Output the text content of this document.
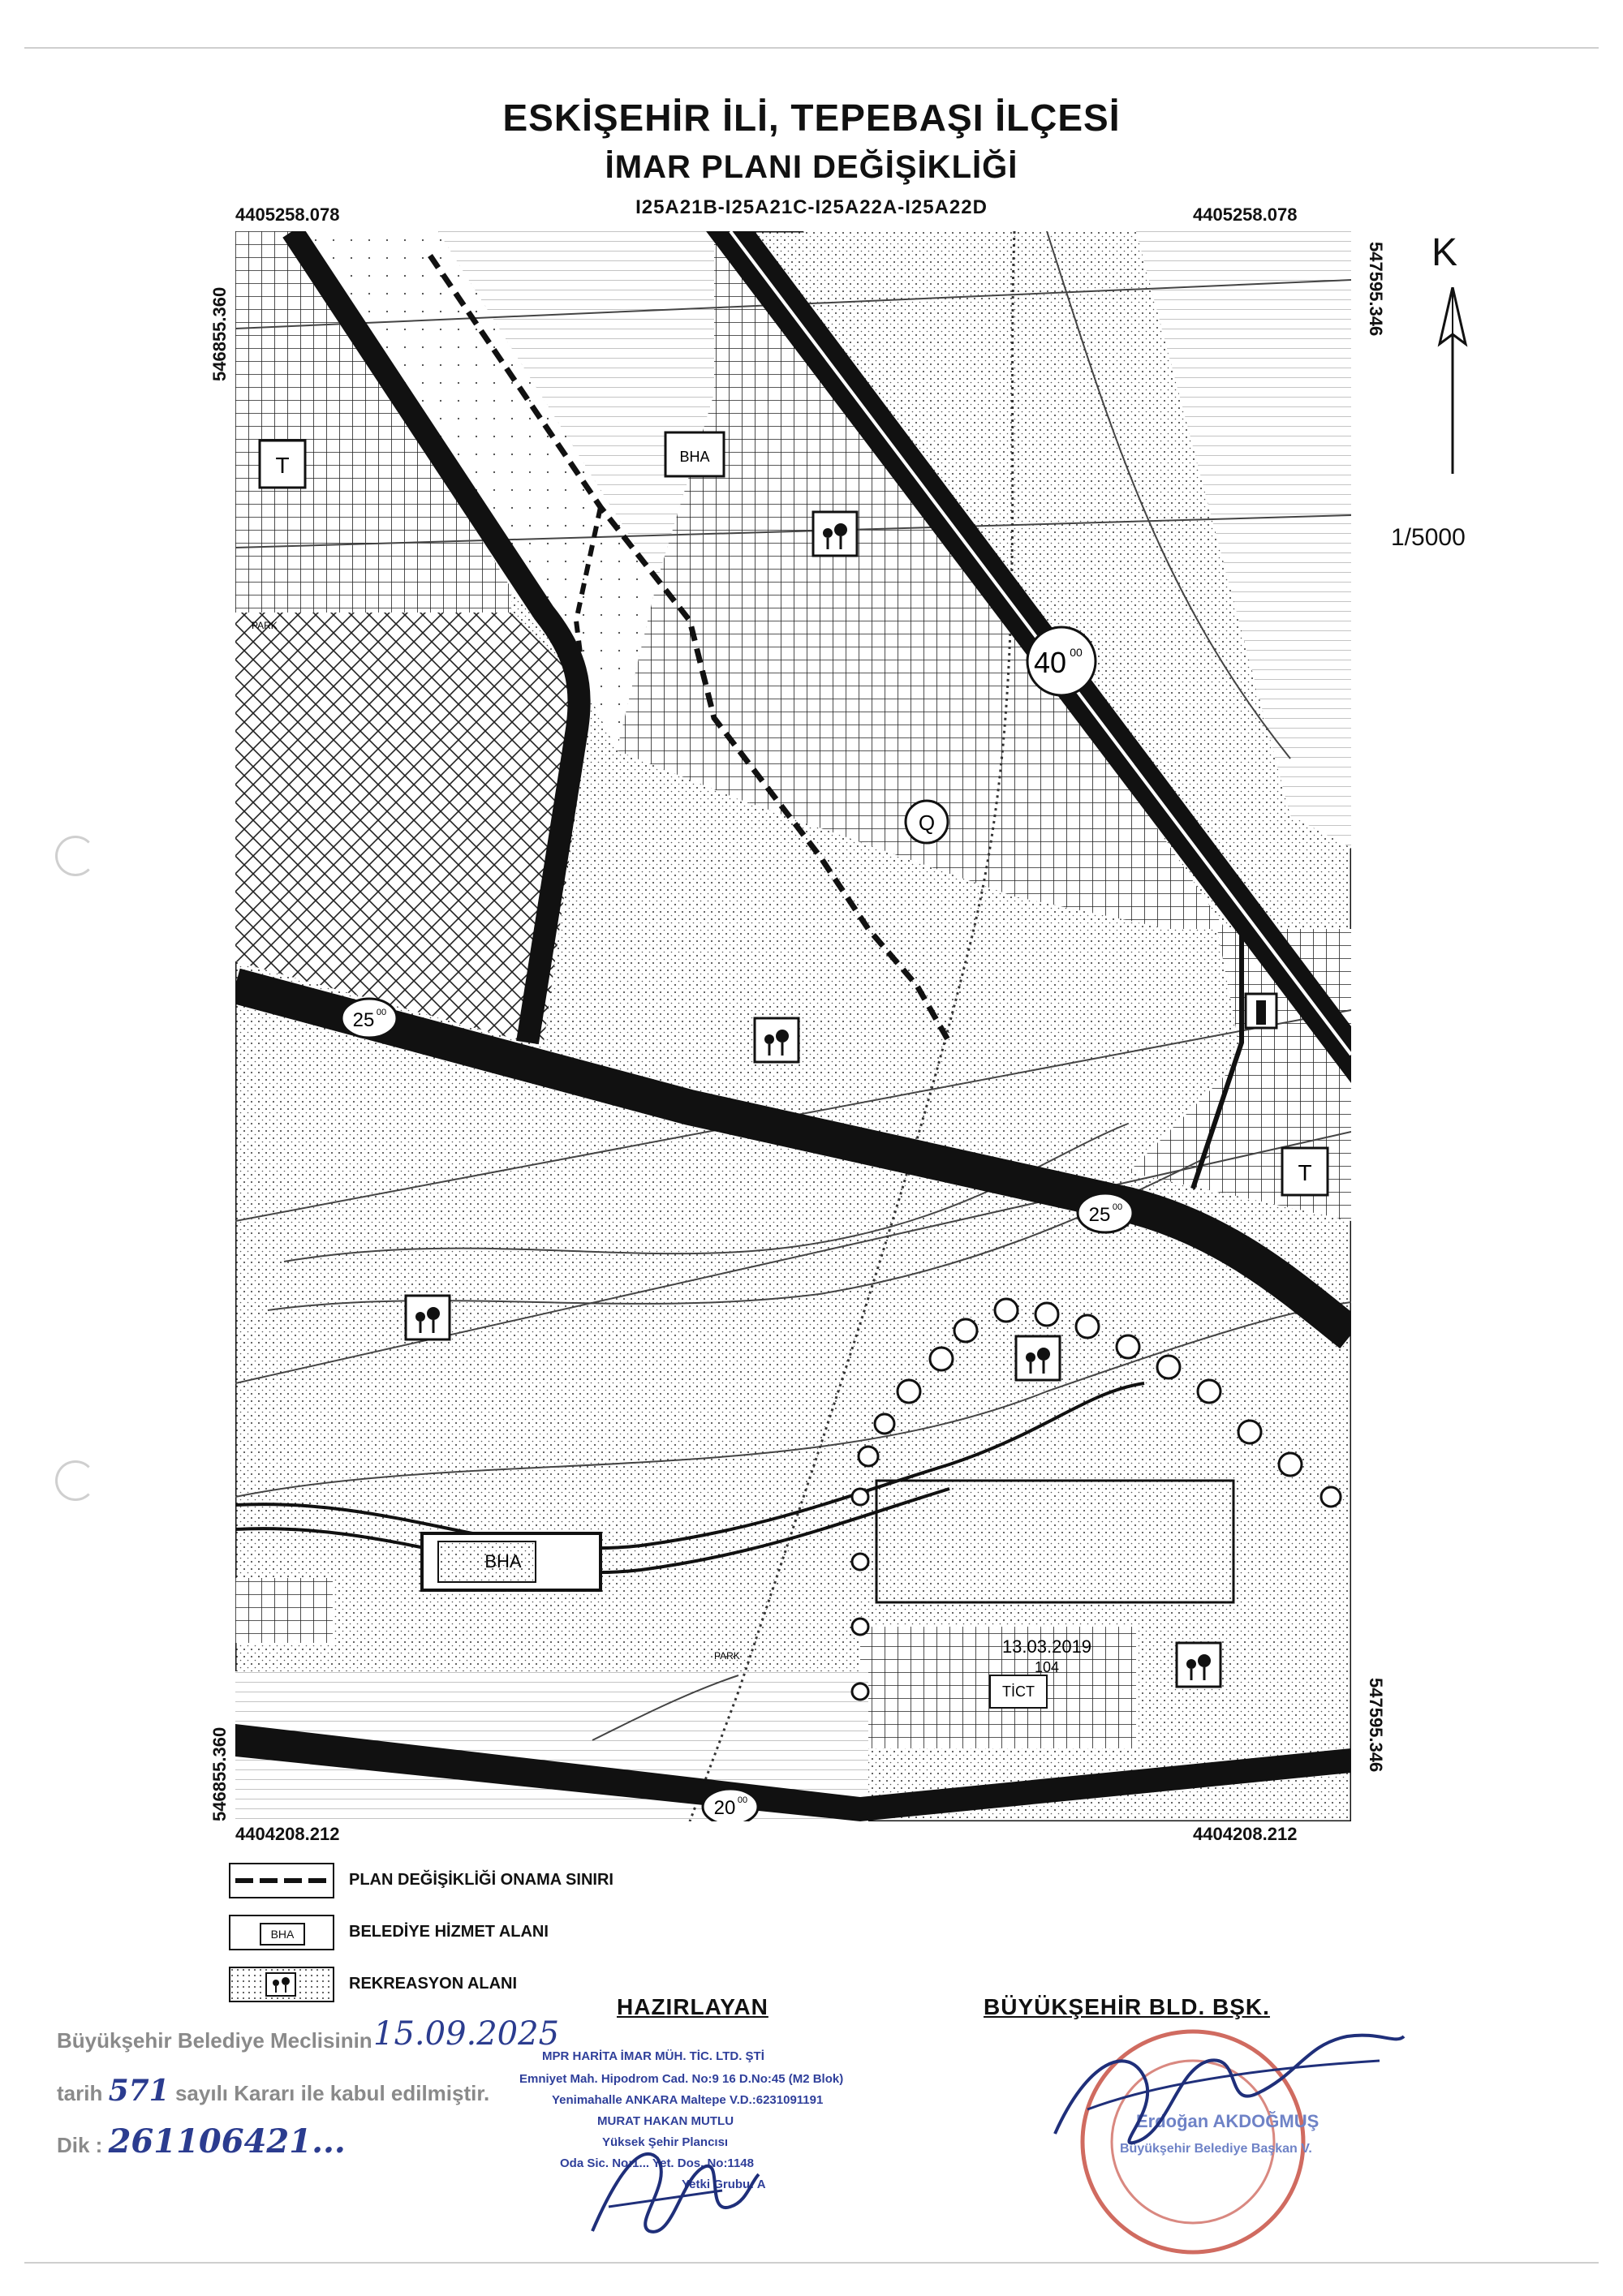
ESKİŞEHİR İLİ, TEPEBAŞI İLÇESİ
İMAR PLANI DEĞİŞİKLİĞİ
I25A21B-I25A21C-I25A22A-I25A22D
4405258.078	4405258.078
4404208.212	4404208.212
546855.360
546855.360
547595.346
547595.346
K
1/5000
BHA
BHA
T
T
PARK
PARK
Q
40 00
25 00
25 00
20 00
TİCT
13.03.2019
104
PLAN DEĞİŞİKLİĞİ ONAMA SINIRI
BHA	BELEDİYE HİZMET ALANI
REKREASYON ALANI
HAZIRLAYAN	BÜYÜKŞEHİR BLD. BŞK.
Büyükşehir Belediye Meclisinin 15.09.2025
tarih 571 sayılı Kararı ile kabul edilmiştir.
Dik : 261106421...
MPR HARİTA İMAR MÜH. TİC. LTD. ŞTİ
Emniyet Mah. Hipodrom Cad. No:9 16 D.No:45 (M2 Blok)
Yenimahalle ANKARA Maltepe V.D.:6231091191
MURAT HAKAN MUTLU
Yüksek Şehir Plancısı
Oda Sic. No:1... Yet. Dos. No:1148
Yetki Grubu: A
Erdoğan AKDOĞMUŞ
Büyükşehir Belediye Başkan V.
